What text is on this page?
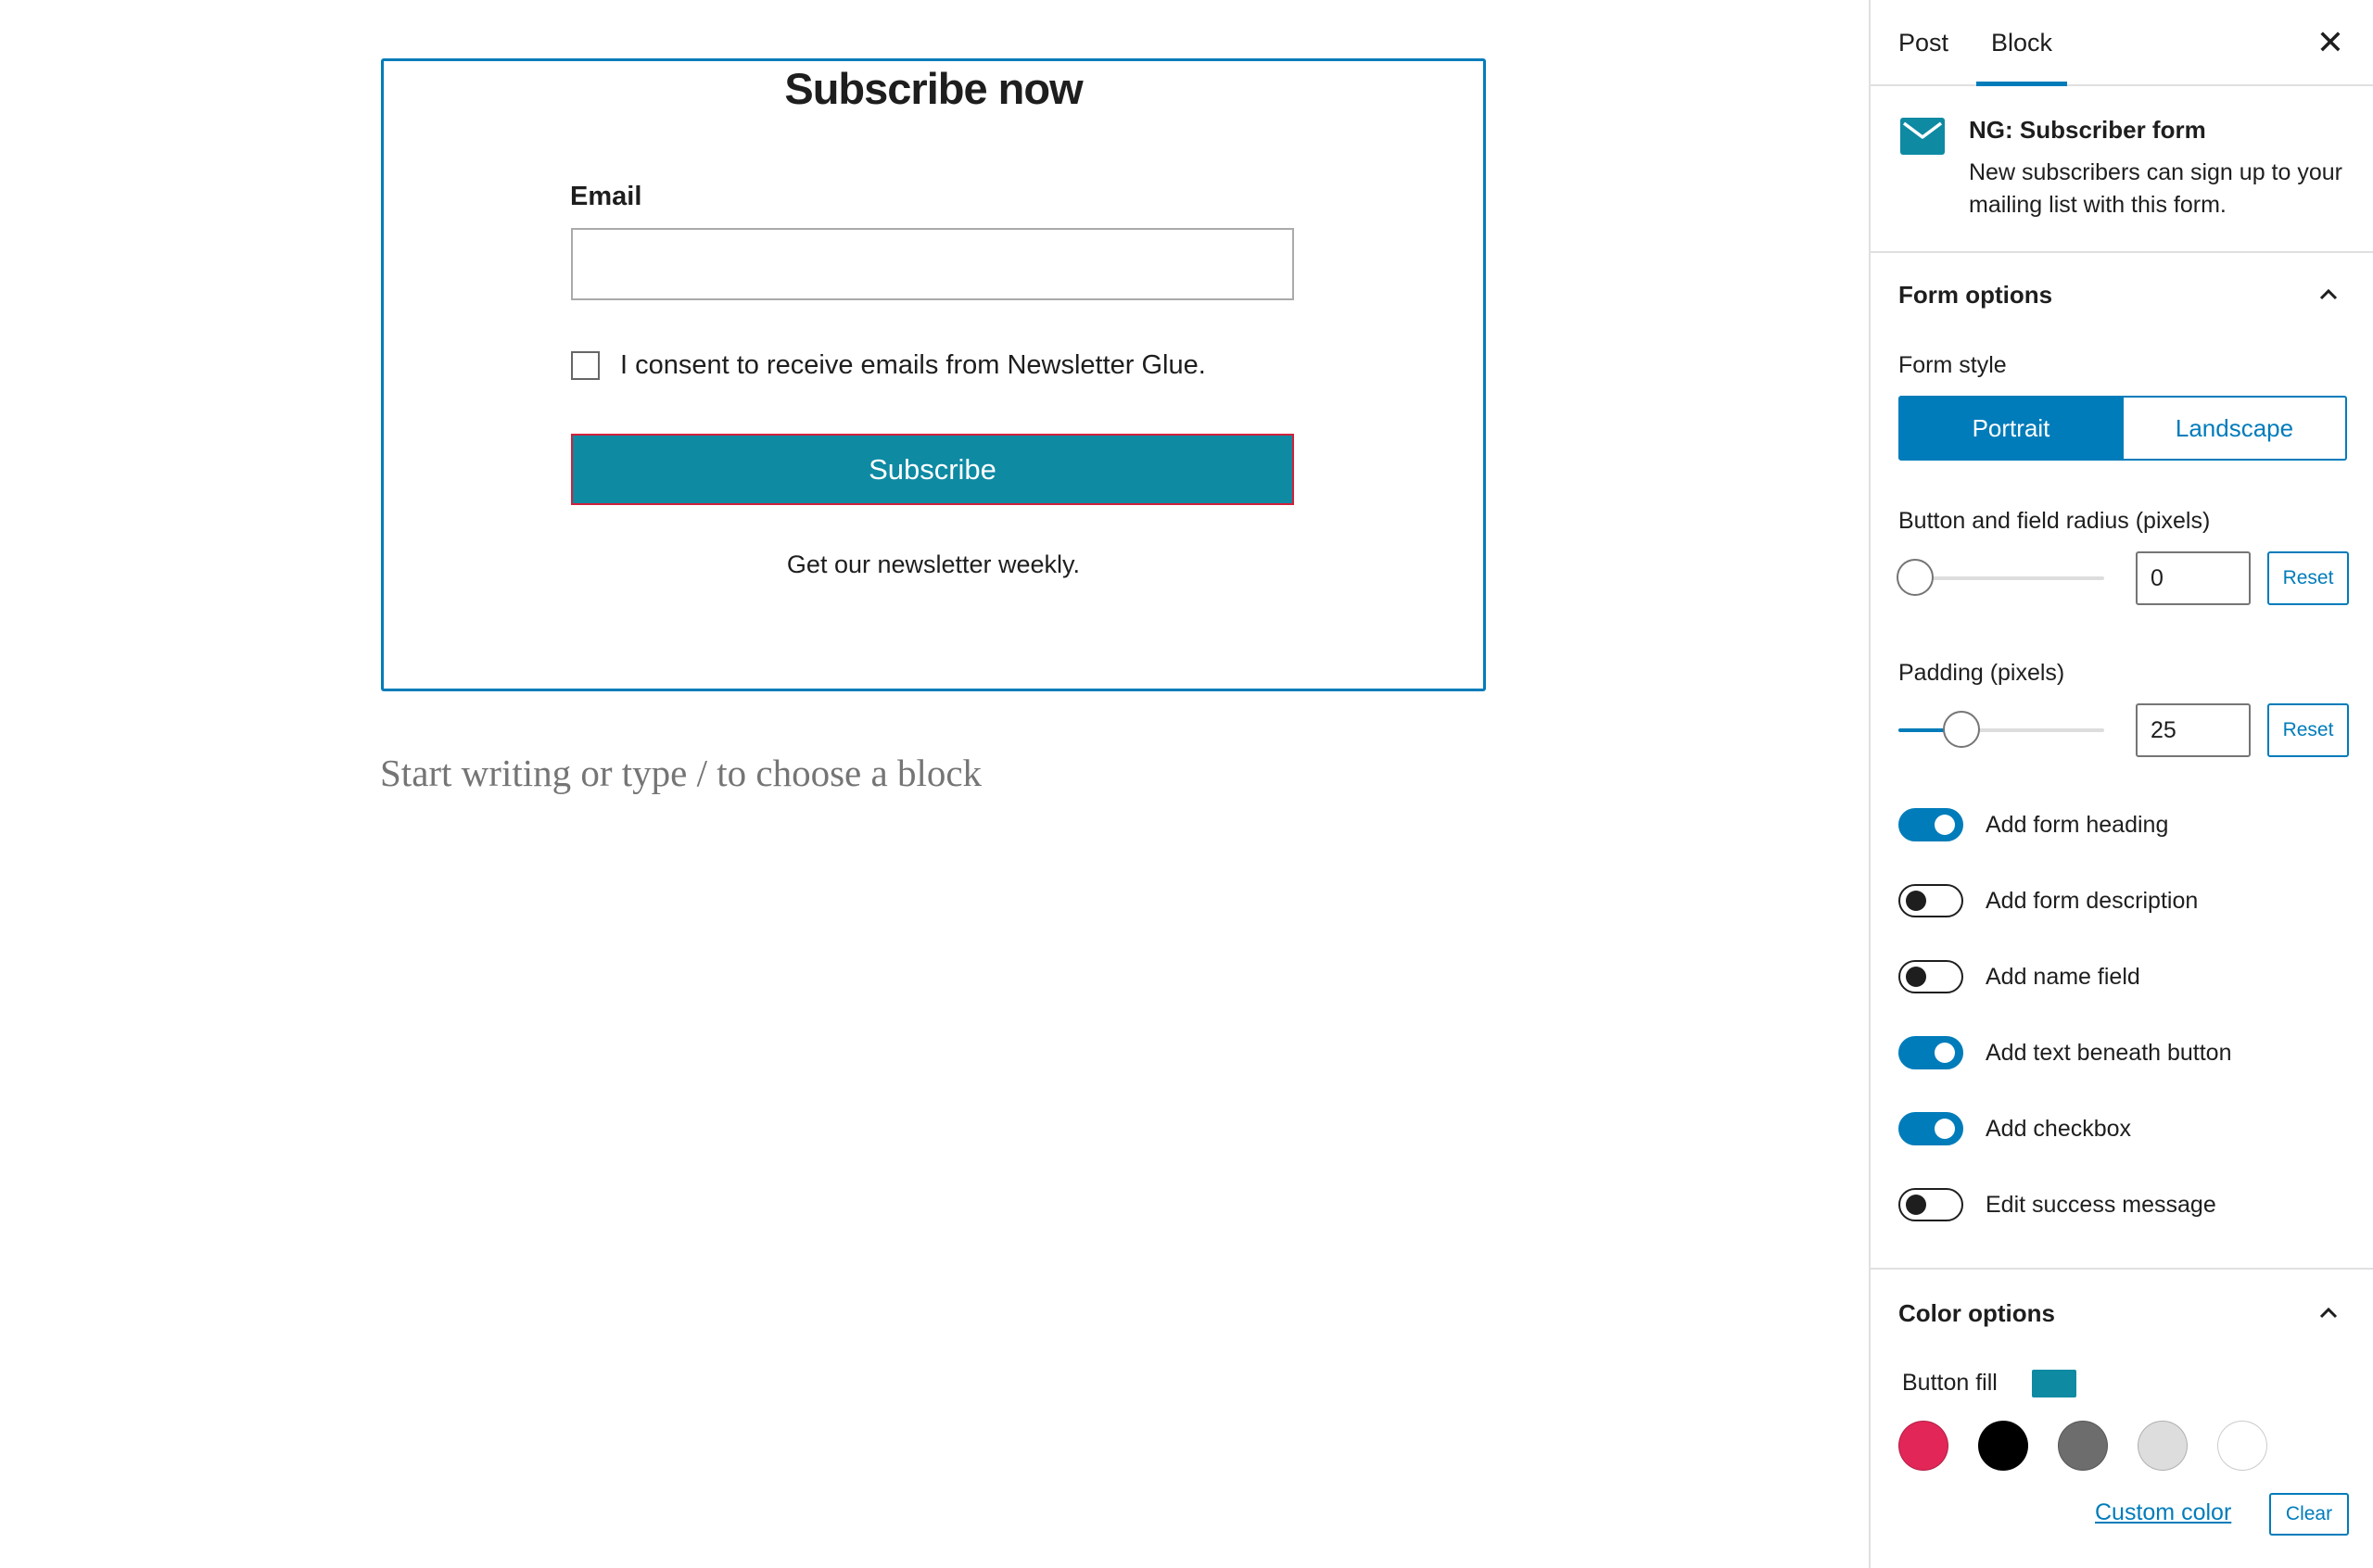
Subscribe now
Email
I consent to receive emails from Newsletter Glue.
Subscribe
Get our newsletter weekly.
Start writing or type / to choose a block
Post	Block	✕
NG: Subscriber form
New subscribers can sign up to your mailing list with this form.
Form options
Form style
Portrait	Landscape
Button and field radius (pixels)
0	Reset
Padding (pixels)
25	Reset
Add form heading
Add form description
Add name field
Add text beneath button
Add checkbox
Edit success message
Color options
Button fill
Custom color	Clear
